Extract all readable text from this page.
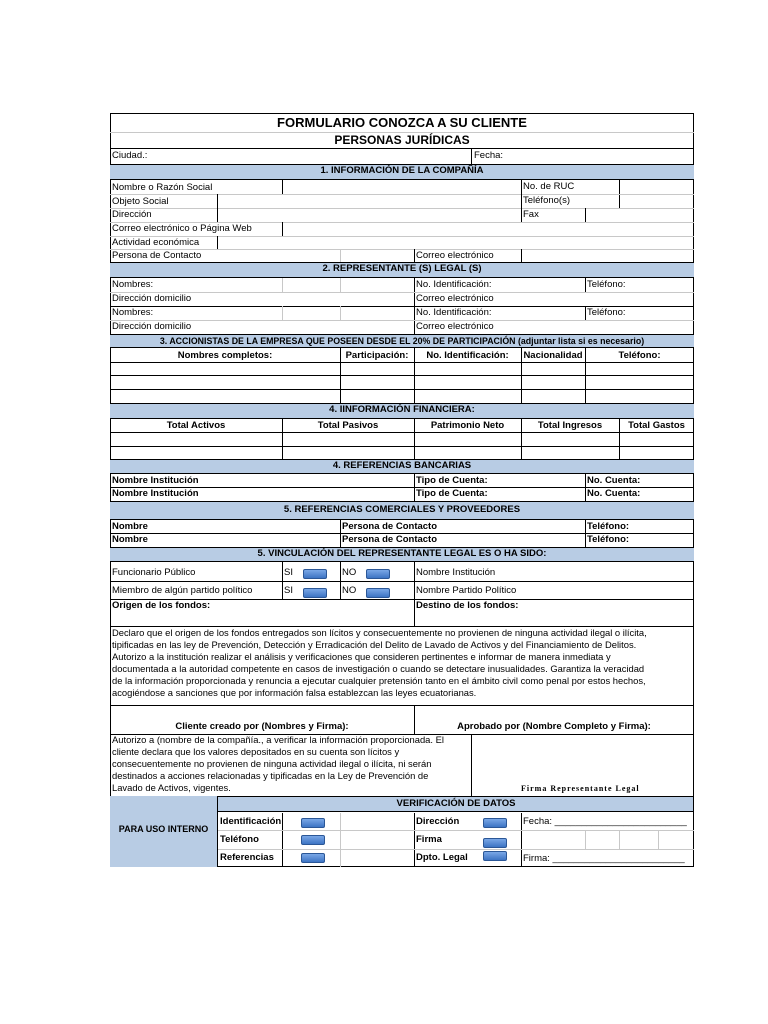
FORMULARIO CONOZCA A SU CLIENTE
PERSONAS JURÍDICAS
Ciudad.:	Fecha:
1. INFORMACIÓN DE LA COMPAÑÍA
Nombre o Razón Social	No. de RUC
Objeto Social	Teléfono(s)
Dirección	Fax
Correo electrónico o Página Web
Actividad económica
Persona de Contacto	Correo electrónico
2. REPRESENTANTE (S) LEGAL (S)
Nombres:	No. Identificación:	Teléfono:
Dirección domicilio	Correo electrónico
Nombres:	No. Identificación:	Teléfono:
Dirección domicilio	Correo electrónico
3. ACCIONISTAS DE LA EMPRESA QUE POSEEN DESDE EL 20% DE PARTICIPACIÓN (adjuntar lista si es necesario)
Nombres completos:	Participación:	No. Identificación:	Nacionalidad	Teléfono:
4. IINFORMACIÓN FINANCIERA:
Total Activos	Total Pasivos	Patrimonio Neto	Total Ingresos	Total Gastos
4. REFERENCIAS BANCARIAS
Nombre Institución	Tipo de Cuenta:	No. Cuenta:
Nombre Institución	Tipo de Cuenta:	No. Cuenta:
5. REFERENCIAS COMERCIALES Y PROVEEDORES
Nombre	Persona de Contacto	Teléfono:
Nombre	Persona de Contacto	Teléfono:
5. VINCULACIÓN DEL REPRESENTANTE LEGAL ES O HA SIDO:
Funcionario Público	SI	NO	Nombre Institución
Miembro de algún partido político	SI	NO	Nombre Partido Político
Origen de los fondos:	Destino de los fondos:
Declaro que el origen de los fondos entregados son lícitos y consecuentemente no provienen de ninguna actividad ilegal o ilícita,
tipificadas en las ley de Prevención, Detección y Erradicación del Delito de Lavado de Activos y del Financiamiento de Delitos.
Autorizo a la institución realizar el análisis y verificaciones que consideren pertinentes e informar de manera inmediata y
documentada a la autoridad competente en casos de investigación o cuando se detectare inusualidades. Garantiza la veracidad
de la información proporcionada y renuncia a ejecutar cualquier pretensión tanto en el ámbito civil como penal por estos hechos,
acogiéndose a sanciones que por información falsa establezcan las leyes ecuatorianas.
Cliente creado por (Nombres y Firma):	Aprobado por (Nombre Completo y Firma):
Autorizo a (nombre de la compañía., a verificar la información proporcionada. El
cliente declara que los valores depositados en su cuenta son lícitos y
consecuentemente no provienen de ninguna actividad ilegal o ilícita, ni serán
destinados a acciones relacionadas y tipificadas en la Ley de Prevención de
Lavado de Activos, vigentes.	Firma Representante Legal
PARA USO INTERNO
VERIFICACIÓN DE DATOS
Identificación	Dirección	Fecha: _________________________
Teléfono	Firma
Referencias	Dpto. Legal	Firma: _________________________
